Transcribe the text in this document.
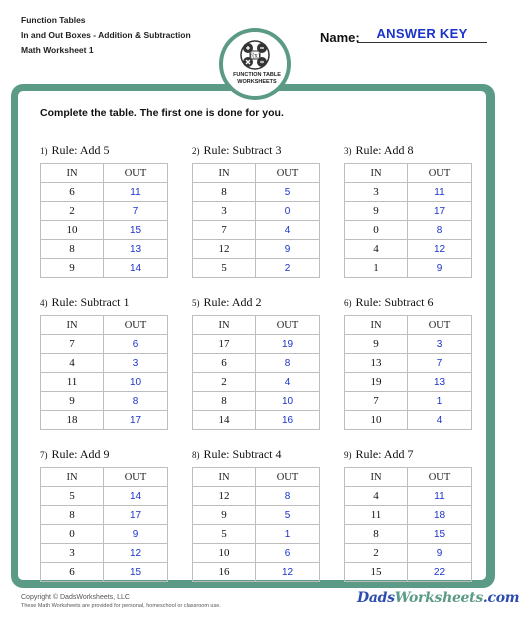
Function Tables
In and Out Boxes - Addition & Subtraction
Math Worksheet 1
Name:	ANSWER KEY
f(x)
FUNCTION TABLE
WORKSHEETS
Complete the table. The first one is done for you.
1) Rule: Add 5
IN	OUT
6	11
2	7
10	15
8	13
9	14
2) Rule: Subtract 3
IN	OUT
8	5
3	0
7	4
12	9
5	2
3) Rule: Add 8
IN	OUT
3	11
9	17
0	8
4	12
1	9
4) Rule: Subtract 1
IN	OUT
7	6
4	3
11	10
9	8
18	17
5) Rule: Add 2
IN	OUT
17	19
6	8
2	4
8	10
14	16
6) Rule: Subtract 6
IN	OUT
9	3
13	7
19	13
7	1
10	4
7) Rule: Add 9
IN	OUT
5	14
8	17
0	9
3	12
6	15
8) Rule: Subtract 4
IN	OUT
12	8
9	5
5	1
10	6
16	12
9) Rule: Add 7
IN	OUT
4	11
11	18
8	15
2	9
15	22
Copyright © DadsWorksheets, LLC
These Math Worksheets are provided for personal, homeschool or classroom use.	DadsWorksheets.com
